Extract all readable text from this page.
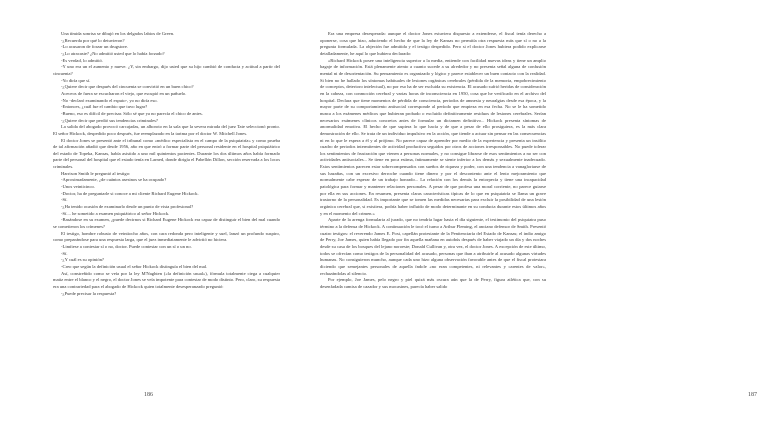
Una tímida sonrisa se dibujó en los delgados labios de Green.

-¿Recuerda por qué lo detuvieron?

-Lo acusaron de forzar un drugstore.

-¿Lo atracaste? ¿No admitió usted que lo había forzado?

-Es verdad, lo admitió.

-Y uno era un el aumento y nueve. ¿Y, sin embargo, dijo usted que su hijo cambió de conducta y actitud a partir del cincuenta?

-Yo diría que sí.

-¿Quiere decir que después del cincuenta se convirtió en un buen chico?

Aceceos de fuera se escucharon el viejo, que escupió en un pañuelo.

-No -declaró examinando el esputo-, yo no diría eso.

-Entonces, ¿cuál fue el cambio que tuvo lugar?

-Bueno, eso es difícil de precisar. Sólo sé que ya no parecía el chico de antes.

-¿Quiere decir que perdió sus tendencias criminales?

La salida del abogado provocó carcajadas, un alboroto en la sala que la severa mirada del juez Tate seleccionó pronto. El señor Hickock, despedido poco después, fue reemplazado en la tarima por el doctor W. Mitchell Jones.

El doctor Jones se presentó ante el tribunal como «médico especialista en el campo de la psiquiatría» y como prueba de tal afirmación añadió que desde 1956, año en que entró a formar parte del personal residente en el hospital psiquiátrico del estado de Topeka, Kansas, había asistido a uno mil quinientos pacientes. Durante los dos últimos años había formado parte del personal del hospital que el estado tenía en Larned, donde dirigía el Pabellón Dillon, sección reservada a los locos criminales.

Harrison Smith le preguntó al testigo:

-Aproximadamente, ¿de cuántos asesinos se ha ocupado?

-Unos veinticinco.

-Doctor, ha de preguntarle si conoce a mi cliente Richard Eugene Hickock.

-Sí.

-¿Ha tenido ocasión de examinarlo desde un punto de vista profesional?

-Sí.... he sometido a examen psiquiátrico al señor Hickock.

-Basándose en su examen, ¿puede decirnos si Richard Eugene Hickock era capaz de distinguir el bien del mal cuando se cometieron los crímenes?

El testigo, hombre robusto de veintiocho años, con cara redonda pero inteligente y suel, lanzó un profundo suspiro, como preparándose para una respuesta larga, que el juez inmediatamente le advirtió no hiciera.

-Limítese a contestar sí o no, doctor. Puede contestar con un sí o un no.

-Sí.

-¿Y cuál es su opinión?

-Creo que según la definición usual el señor Hickock distinguía el bien del mal.

Así, constreñido como se veía por la ley M'Naghten («la definición usual»), fórmula totalmente ciega a cualquier matiz entre el blanco y el negro, el doctor Jones se veía impotente para contestar de modo distinto. Pero, claro, su respuesta era una contrariedad para el abogado de Hickock quien totalmente desesperanzado preguntó:

-¿Puede precisar la respuesta?

186

Era una empresa desesperada: aunque el doctor Jones estuviera dispuesto a extenderse, el fiscal tenía derecho a oponerse, cosa que hizo, aduciendo el hecho de que la ley de Kansas no permitía otra respuesta más que sí o no a la pregunta formulada. La objeción fue admitida y el testigo despedido. Pero si el doctor Jones hubiera podido explicarse detalladamente, he aquí lo que hubiera declarado:

«Richard Hickock posee una inteligencia superior a la media, entiende con facilidad nuevas ideas y tiene un amplio bagaje de información. Está plenamente atento a cuanto sucede a su alrededor y no presenta señal alguna de confusión mental ni de desorientación. Su pensamiento es organizado y lógico y parece establecer un buen contacto con la realidad. Si bien no he hallado los síntomas habituales de lesiones orgánicas cerebrales (pérdida de la memoria, empobrecimiento de conceptos, deterioro intelectual), no por eso ha de ser excluida su existencia. El acusado sufrió heridas de consideración en la cabeza, con conmoción cerebral y varias horas de inconsciencia en 1950, cosa que he verificado en el archivo del hospital. Declara que tiene momentos de pérdida de consciencia, periodos de amnesia y neuralgias desde esa época, y la mayor parte de su comportamiento antisocial corresponde al período que empieza en esa fecha. No se le ha sometido nunca a los exámenes médicos que hubieran probado o excluido definitivamente residuos de lesiones cerebrales. Serían necesarios exámenes clínicos concretos antes de formular un dictamen definitivo... Hickock presenta síntomas de anormalidad emotiva. El hecho de que supiera lo que hacía y de que a pesar de ello prosiguiera, es la más clara demostración de ello. Se trata de un individuo impulsivo en la acción, que tiende a actuar sin pensar en las consecuencias ni en lo que le espera a él y al prójimo. No parece capaz de aprender por medio de la experiencia y presenta un insólito cuadro de periodos intermitentes de actividad productiva seguidos por otros de acciones irresponsables. No puede tolerar los sentimientos de frustración que vienen a personas normales, y no consigue librarse de esos sentimientos a no ser con actividades antisociales... Se tiene en poca estima, íntimamente se siente inferior a los demás y sexualmente inadecuado. Estos sentimientos parecen estar sobrecompensados con sueños de riqueza y poder, con una tendencia a vanagloriarse de sus hazañas, con un excesivo derroche cuando tiene dinero y por el descontento ante el lento mejoramiento que normalmente cabe esperar de un trabajo honrado... La relación con los demás la entorpecía y tiene una incapacidad patológica para formar y mantener relaciones personales. A pesar de que profesa una moral corriente, no parece guiarse por ella en sus acciones. En resumen, presenta claras características típicas de lo que en psiquiatría se llama un grave trastorno de la personalidad. Es importante que se tomen las medidas necesarias para excluir la posibilidad de una lesión orgánica cerebral que, si existiera, podría haber influido de modo determinante en su conducta durante estos últimos años y en el momento del crimen.»

Aparte de la arenga formularia al jurado, que no tendría lugar hasta el día siguiente, el testimonio del psiquiatra puso término a la defensa de Hickock. A continuación le tocó el turno a Arthur Fleming, el anciano defensor de Smith. Presentó cuatro testigos: el reverendo James E. Post, capellán protestante de la Penitenciaría del Estado de Kansas; el indio amigo de Perry, Joe James, quien había llegado por fin aquella mañana en autobús después de haber viajado un día y dos noches desde su casa de los bosques del lejano noroeste; Donald Cullivan y, otra vez, el doctor Jones. A excepción de este último, todos se ofrecían como testigos de la personalidad del acusado, personas que iban a atribuirle al acusado algunas virtudes humanas. No consiguieron muncho, aunque cada uno hizo alguna observación favorable antes de que el fiscal protestara diciendo que semejantes personales de aquella índole «no eran competentes, ni relevantes y carentes de valor», rechazándolas al silencio.

Por ejemplo, Joe James, pelo negro y piel quizá más oscura aún que la de Perry, figura atlética que, con su desenfadada camisa de cazador y sus mocasines, parecía haber salido

187
